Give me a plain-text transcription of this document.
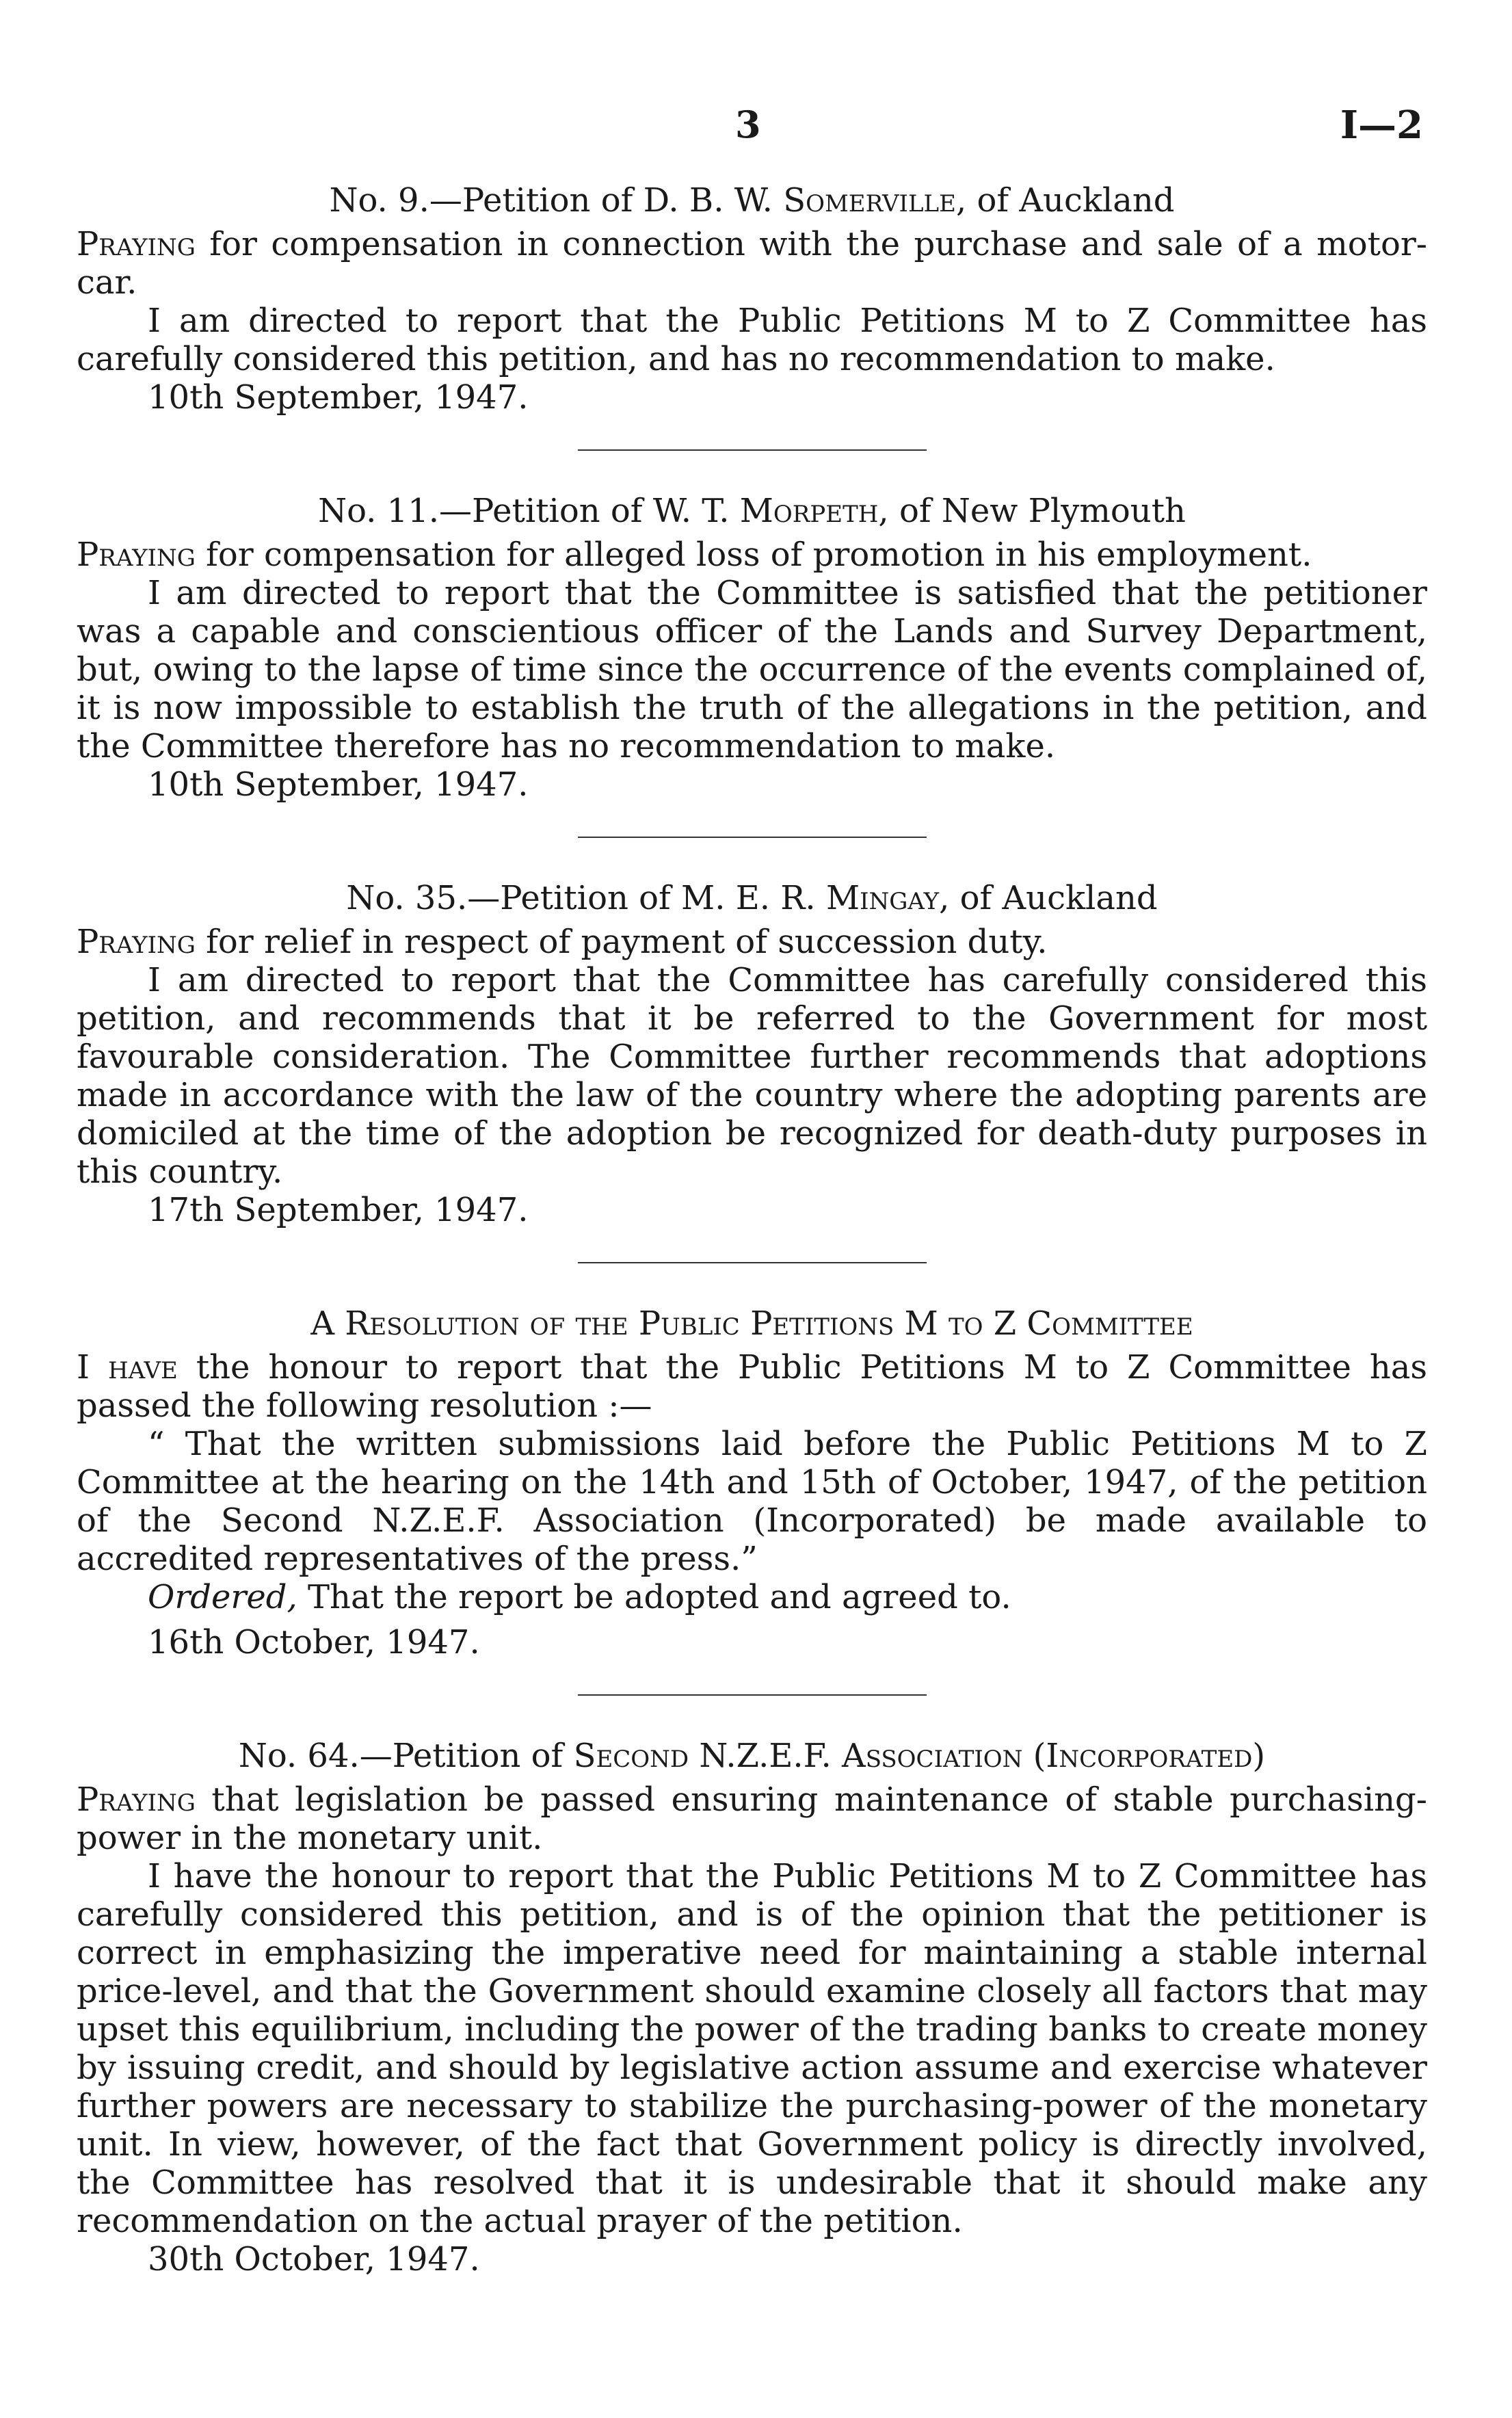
3	I—2

No. 9.—Petition of D. B. W. Somerville, of Auckland

Praying for compensation in connection with the purchase and sale of a motor-car.

I am directed to report that the Public Petitions M to Z Committee has carefully considered this petition, and has no recommendation to make.

10th September, 1947.

No. 11.—Petition of W. T. Morpeth, of New Plymouth

Praying for compensation for alleged loss of promotion in his employment.

I am directed to report that the Committee is satisfied that the petitioner was a capable and conscientious officer of the Lands and Survey Department, but, owing to the lapse of time since the occurrence of the events complained of, it is now impossible to establish the truth of the allegations in the petition, and the Committee therefore has no recommendation to make.

10th September, 1947.

No. 35.—Petition of M. E. R. Mingay, of Auckland

Praying for relief in respect of payment of succession duty.

I am directed to report that the Committee has carefully considered this petition, and recommends that it be referred to the Government for most favourable consideration. The Committee further recommends that adoptions made in accordance with the law of the country where the adopting parents are domiciled at the time of the adoption be recognized for death-duty purposes in this country.

17th September, 1947.

A Resolution of the Public Petitions M to Z Committee

I have the honour to report that the Public Petitions M to Z Committee has passed the following resolution :—

“ That the written submissions laid before the Public Petitions M to Z Committee at the hearing on the 14th and 15th of October, 1947, of the petition of the Second N.Z.E.F. Association (Incorporated) be made available to accredited representatives of the press.”

Ordered, That the report be adopted and agreed to.

16th October, 1947.

No. 64.—Petition of Second N.Z.E.F. Association (Incorporated)

Praying that legislation be passed ensuring maintenance of stable purchasing-power in the monetary unit.

I have the honour to report that the Public Petitions M to Z Committee has carefully considered this petition, and is of the opinion that the petitioner is correct in emphasizing the imperative need for maintaining a stable internal price-level, and that the Government should examine closely all factors that may upset this equilibrium, including the power of the trading banks to create money by issuing credit, and should by legislative action assume and exercise whatever further powers are necessary to stabilize the purchasing-power of the monetary unit. In view, however, of the fact that Government policy is directly involved, the Committee has resolved that it is undesirable that it should make any recommendation on the actual prayer of the petition.

30th October, 1947.
